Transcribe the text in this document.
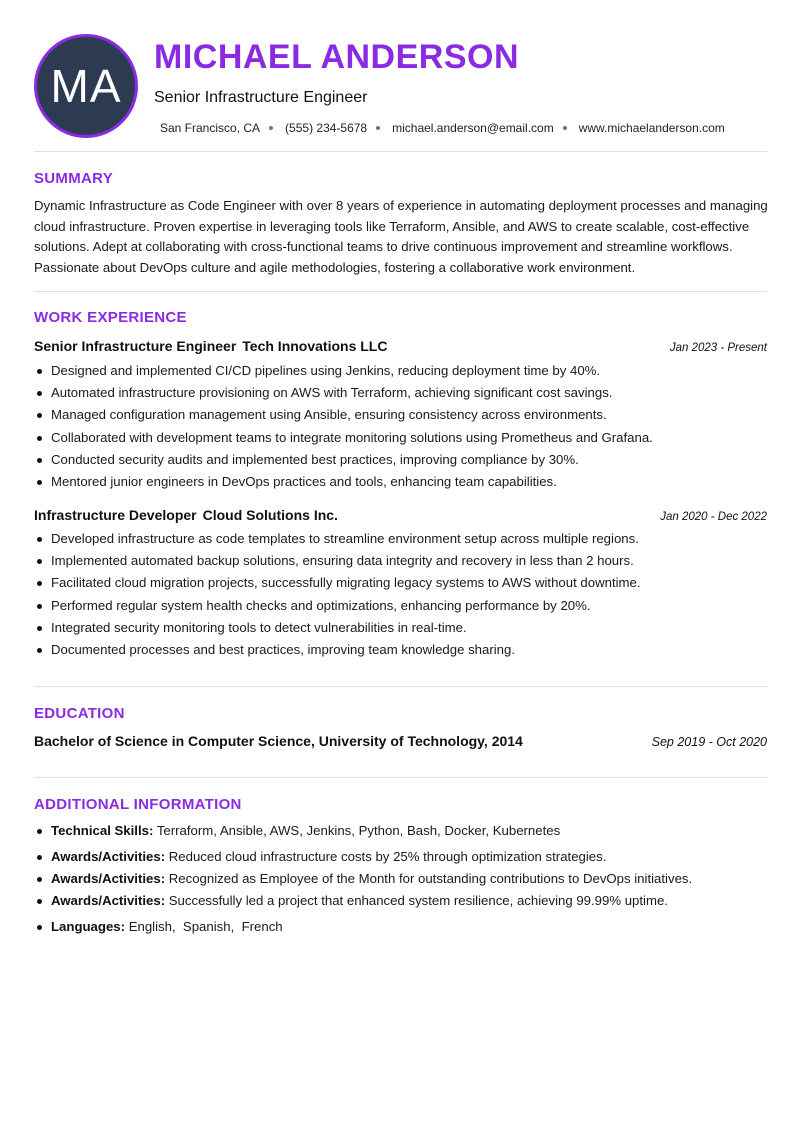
MA
MICHAEL ANDERSON
Senior Infrastructure Engineer
San Francisco, CA (555) 234-5678 michael.anderson@email.com www.michaelanderson.com
SUMMARY
Dynamic Infrastructure as Code Engineer with over 8 years of experience in automating deployment processes and managing cloud infrastructure. Proven expertise in leveraging tools like Terraform, Ansible, and AWS to create scalable, cost-effective solutions. Adept at collaborating with cross-functional teams to drive continuous improvement and streamline workflows. Passionate about DevOps culture and agile methodologies, fostering a collaborative work environment.
WORK EXPERIENCE
Senior Infrastructure Engineer Tech Innovations LLC	Jan 2023 - Present
Designed and implemented CI/CD pipelines using Jenkins, reducing deployment time by 40%.
Automated infrastructure provisioning on AWS with Terraform, achieving significant cost savings.
Managed configuration management using Ansible, ensuring consistency across environments.
Collaborated with development teams to integrate monitoring solutions using Prometheus and Grafana.
Conducted security audits and implemented best practices, improving compliance by 30%.
Mentored junior engineers in DevOps practices and tools, enhancing team capabilities.
Infrastructure Developer Cloud Solutions Inc.	Jan 2020 - Dec 2022
Developed infrastructure as code templates to streamline environment setup across multiple regions.
Implemented automated backup solutions, ensuring data integrity and recovery in less than 2 hours.
Facilitated cloud migration projects, successfully migrating legacy systems to AWS without downtime.
Performed regular system health checks and optimizations, enhancing performance by 20%.
Integrated security monitoring tools to detect vulnerabilities in real-time.
Documented processes and best practices, improving team knowledge sharing.
EDUCATION
Bachelor of Science in Computer Science, University of Technology, 2014	Sep 2019 - Oct 2020
ADDITIONAL INFORMATION
Technical Skills: Terraform, Ansible, AWS, Jenkins, Python, Bash, Docker, Kubernetes
Awards/Activities: Reduced cloud infrastructure costs by 25% through optimization strategies.
Awards/Activities: Recognized as Employee of the Month for outstanding contributions to DevOps initiatives.
Awards/Activities: Successfully led a project that enhanced system resilience, achieving 99.99% uptime.
Languages: English,  Spanish,  French
